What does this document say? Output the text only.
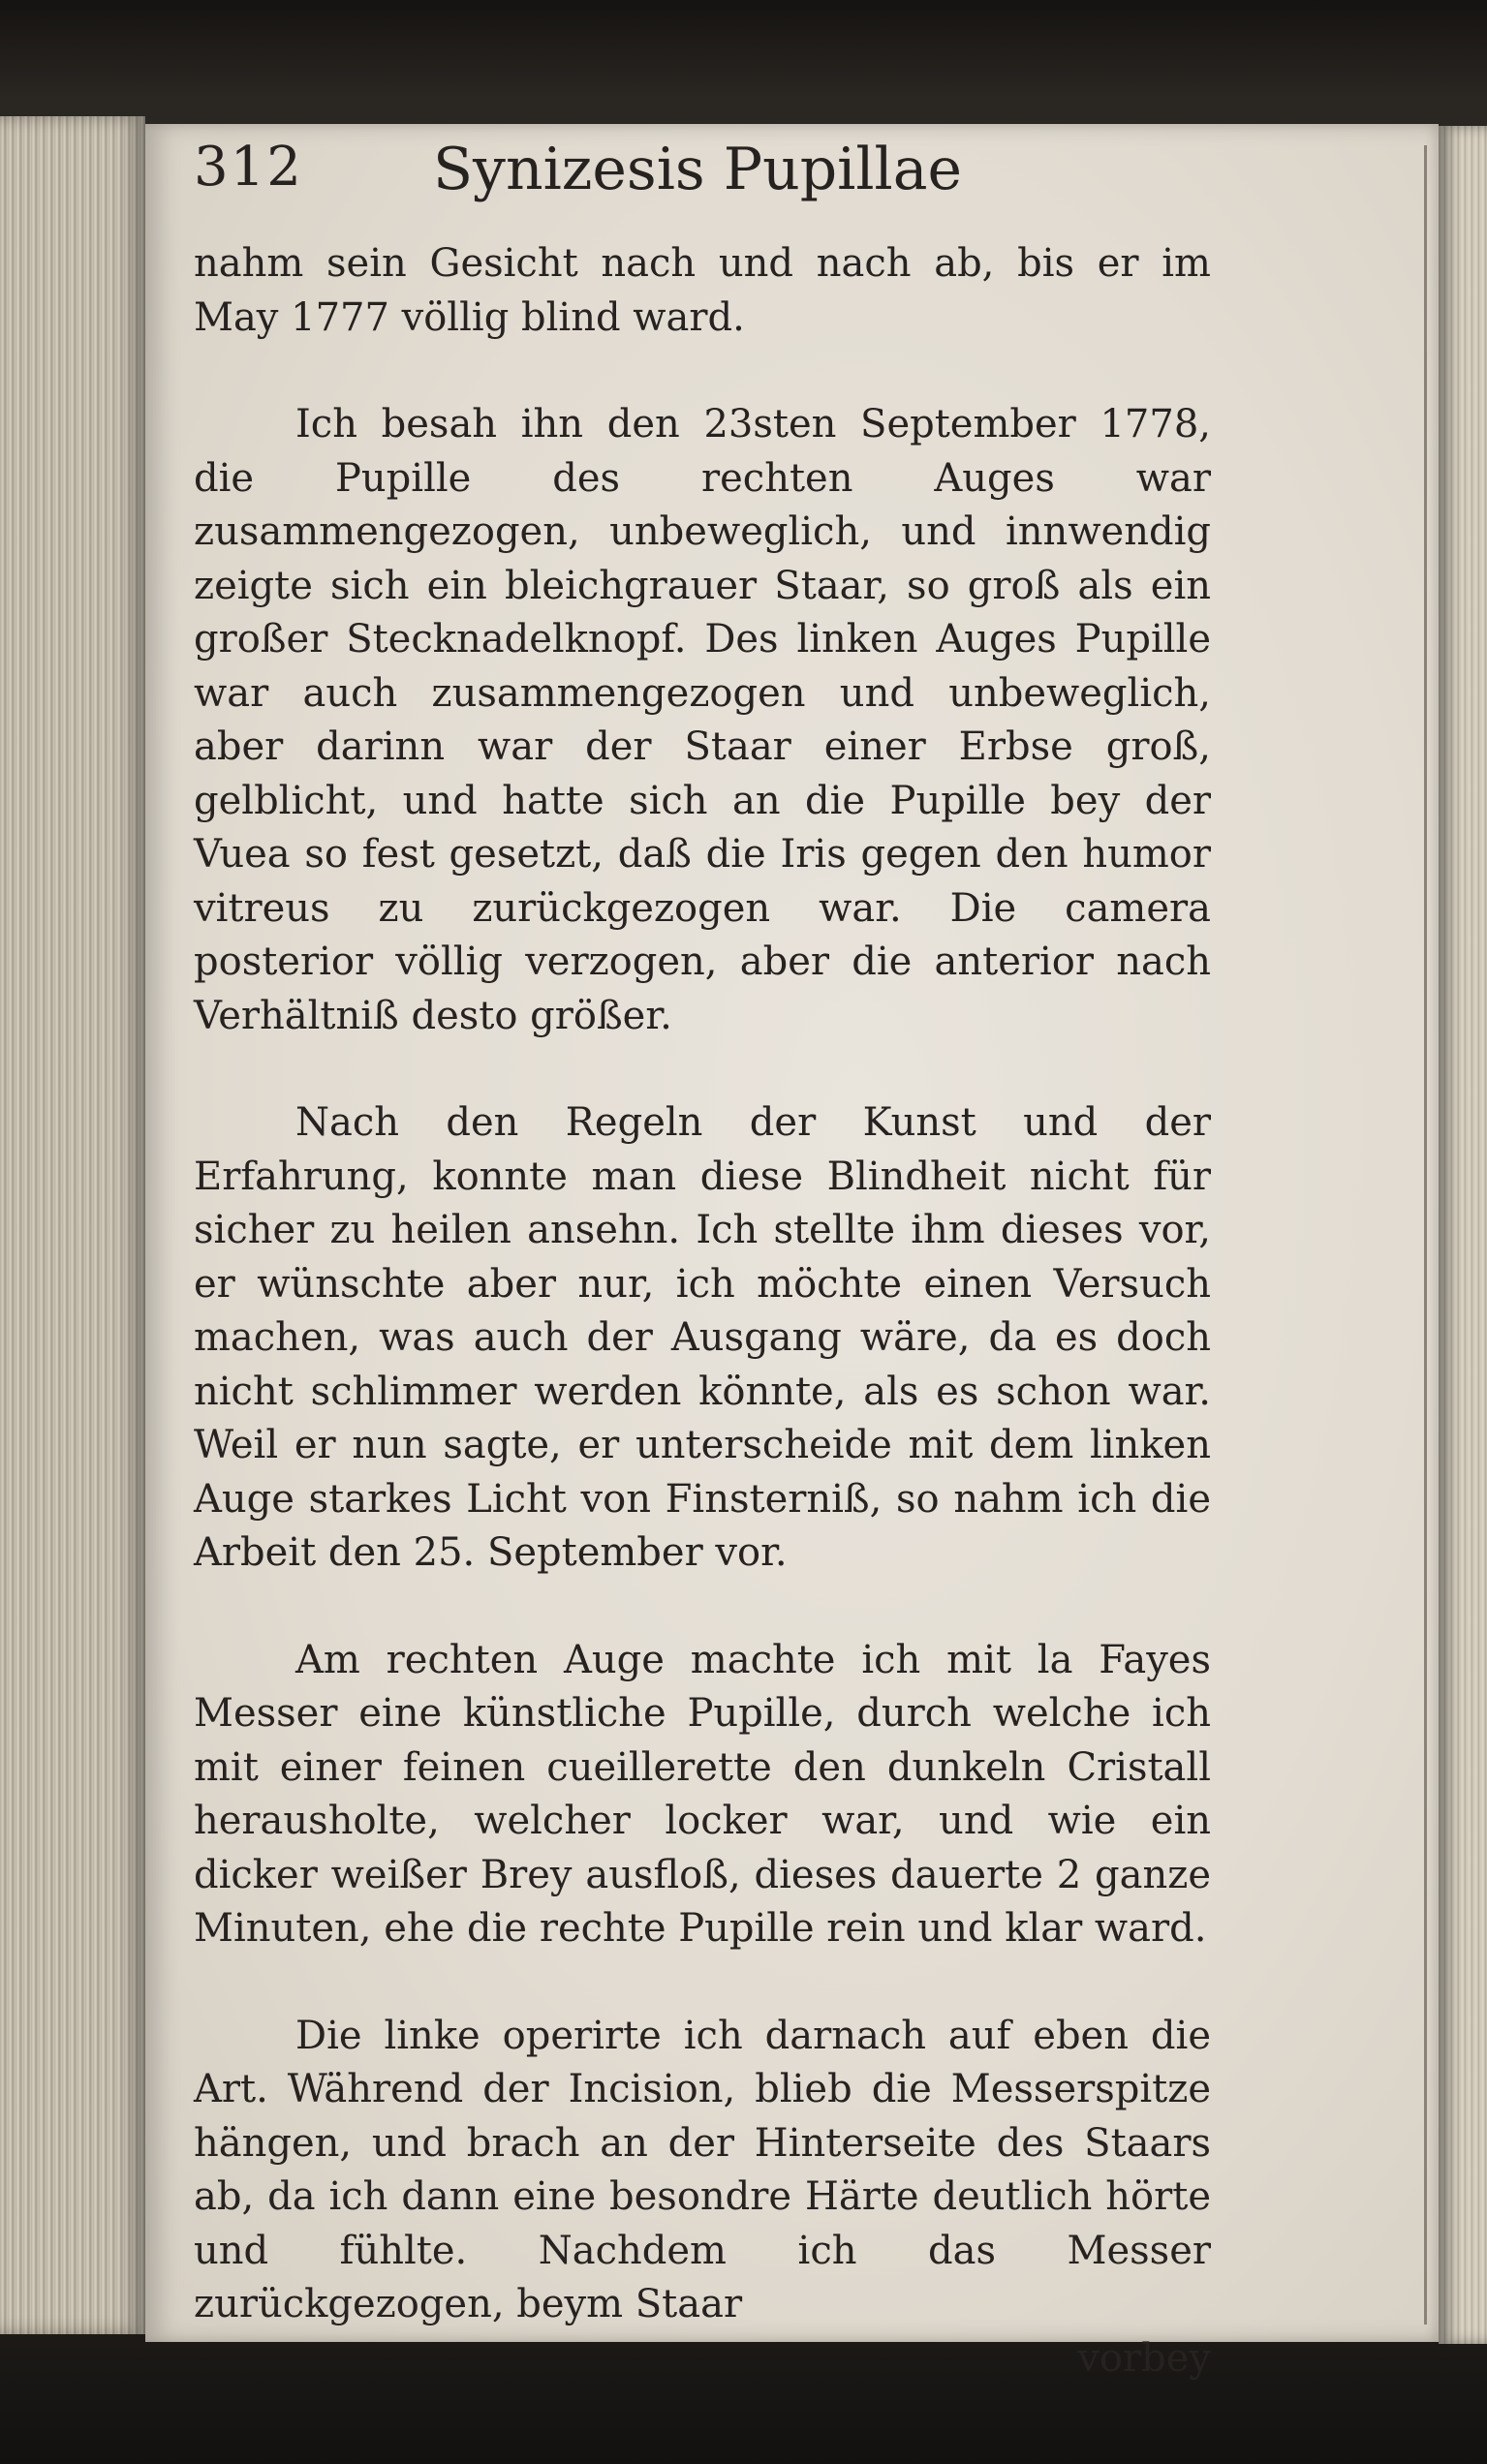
312	Synizesis Pupillae

nahm sein Gesicht nach und nach ab, bis er im May 1777 völlig blind ward.

Ich besah ihn den 23sten September 1778, die Pupille des rechten Auges war zusammengezogen, unbeweglich, und innwendig zeigte sich ein bleichgrauer Staar, so groß als ein großer Stecknadelknopf. Des linken Auges Pupille war auch zusammengezogen und unbeweglich, aber darinn war der Staar einer Erbse groß, gelblicht, und hatte sich an die Pupille bey der Vuea so fest gesetzt, daß die Iris gegen den humor vitreus zu zurückgezogen war. Die camera posterior völlig verzogen, aber die anterior nach Verhältniß desto größer.

Nach den Regeln der Kunst und der Erfahrung, konnte man diese Blindheit nicht für sicher zu heilen ansehn. Ich stellte ihm dieses vor, er wünschte aber nur, ich möchte einen Versuch machen, was auch der Ausgang wäre, da es doch nicht schlimmer werden könnte, als es schon war. Weil er nun sagte, er unterscheide mit dem linken Auge starkes Licht von Finsterniß, so nahm ich die Arbeit den 25. September vor.

Am rechten Auge machte ich mit la Fayes Messer eine künstliche Pupille, durch welche ich mit einer feinen cueillerette den dunkeln Cristall herausholte, welcher locker war, und wie ein dicker weißer Brey ausfloß, dieses dauerte 2 ganze Minuten, ehe die rechte Pupille rein und klar ward.

Die linke operirte ich darnach auf eben die Art. Während der Incision, blieb die Messerspitze hängen, und brach an der Hinterseite des Staars ab, da ich dann eine besondre Härte deutlich hörte und fühlte. Nachdem ich das Messer zurückgezogen, beym Staar

vorbey
